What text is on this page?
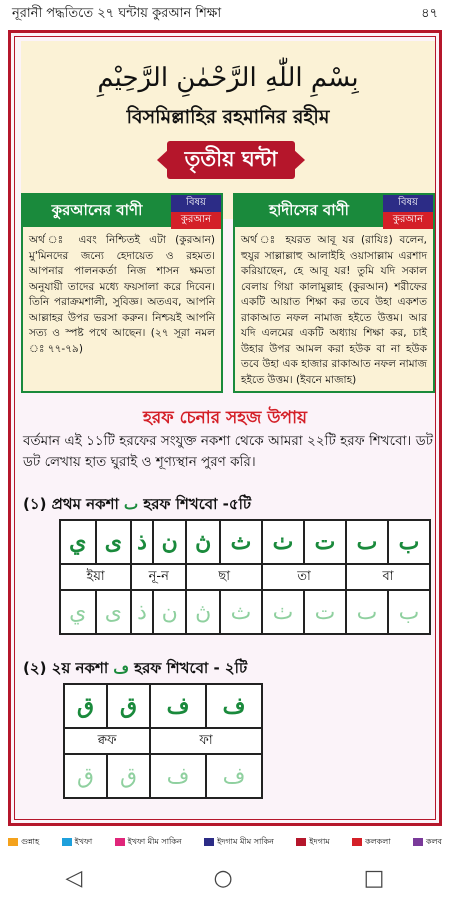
নূরানী পদ্ধতিতে ২৭ ঘন্টায় কুরআন শিক্ষা	৪৭
بِسْمِ اللّٰهِ الرَّحْمٰنِ الرَّحِيْمِ
বিসমিল্লাহির রহমানির রহীম
তৃতীয় ঘন্টা
কুরআনের বাণী	বিষয়
কুরআন
অর্থ ঃ এবং নিশ্চিতই এটা (কুরআন) মু'মিনদের জন্যে হেদায়েত ও রহমত। আপনার পালনকর্তা নিজ শাসন ক্ষমতা অনুযায়ী তাদের মধ্যে ফয়সালা করে দিবেন। তিনি পরাক্রমশালী, সুবিজ্ঞ। অতএব, আপনি আল্লাহর উপর ভরসা করুন। নিশ্চয়ই আপনি সত্য ও স্পষ্ট পথে আছেন। (২৭ সূরা নমল ঃ ৭৭-৭৯)
হাদীসের বাণী	বিষয়
কুরআন
অর্থ ঃ হযরত আবূ যর (রাযিঃ) বলেন, হুযুর সাল্লাল্লাহু আলাইহি ওয়াসাল্লাম এরশাদ করিয়াছেন, হে আবূ যর! তুমি যদি সকাল বেলায় গিয়া কালামুল্লাহ (কুরআন) শরীফের একটি আয়াত শিক্ষা কর তবে উহা একশত রাকাআত নফল নামাজ হইতে উত্তম। আর যদি এলমের একটি অধ্যায় শিক্ষা কর, চাই উহার উপর আমল করা হউক বা না হউক তবে উহা এক হাজার রাকাআত নফল নামাজ হইতে উত্তম। (ইবনে মাজাহ)
হরফ চেনার সহজ উপায়
বর্তমান এই ১১টি হরফের সংযুক্ত নকশা থেকে আমরা ২২টি হরফ শিখবো। ডট ডট লেখায় হাত ঘুরাই ও শূণ্যস্থান পুরণ করি।
(১) প্রথম নকশা ٮ হরফ শিখবো -৫টি
ي	ى	ذ	ن	ڽ	ث	ٺ	ت	ٮ	ب
ইয়া		নূ-ন		ছা		তা		বা	
ي	ى	ذ	ن	ڽ	ث	ٺ	ت	ٮ	ب
(২) ২য় নকশা ڡ হরফ শিখবো - ২টি
ق	ق	ف	ف
ক্বফ		ফা	
ق	ق	ف	ف
গুন্নাহ	ইখফা	ইখফা মীম সাকিন	ইদগাম মীম সাকিন	ইদগাম	কলকলা	কলব
◁	○	□
